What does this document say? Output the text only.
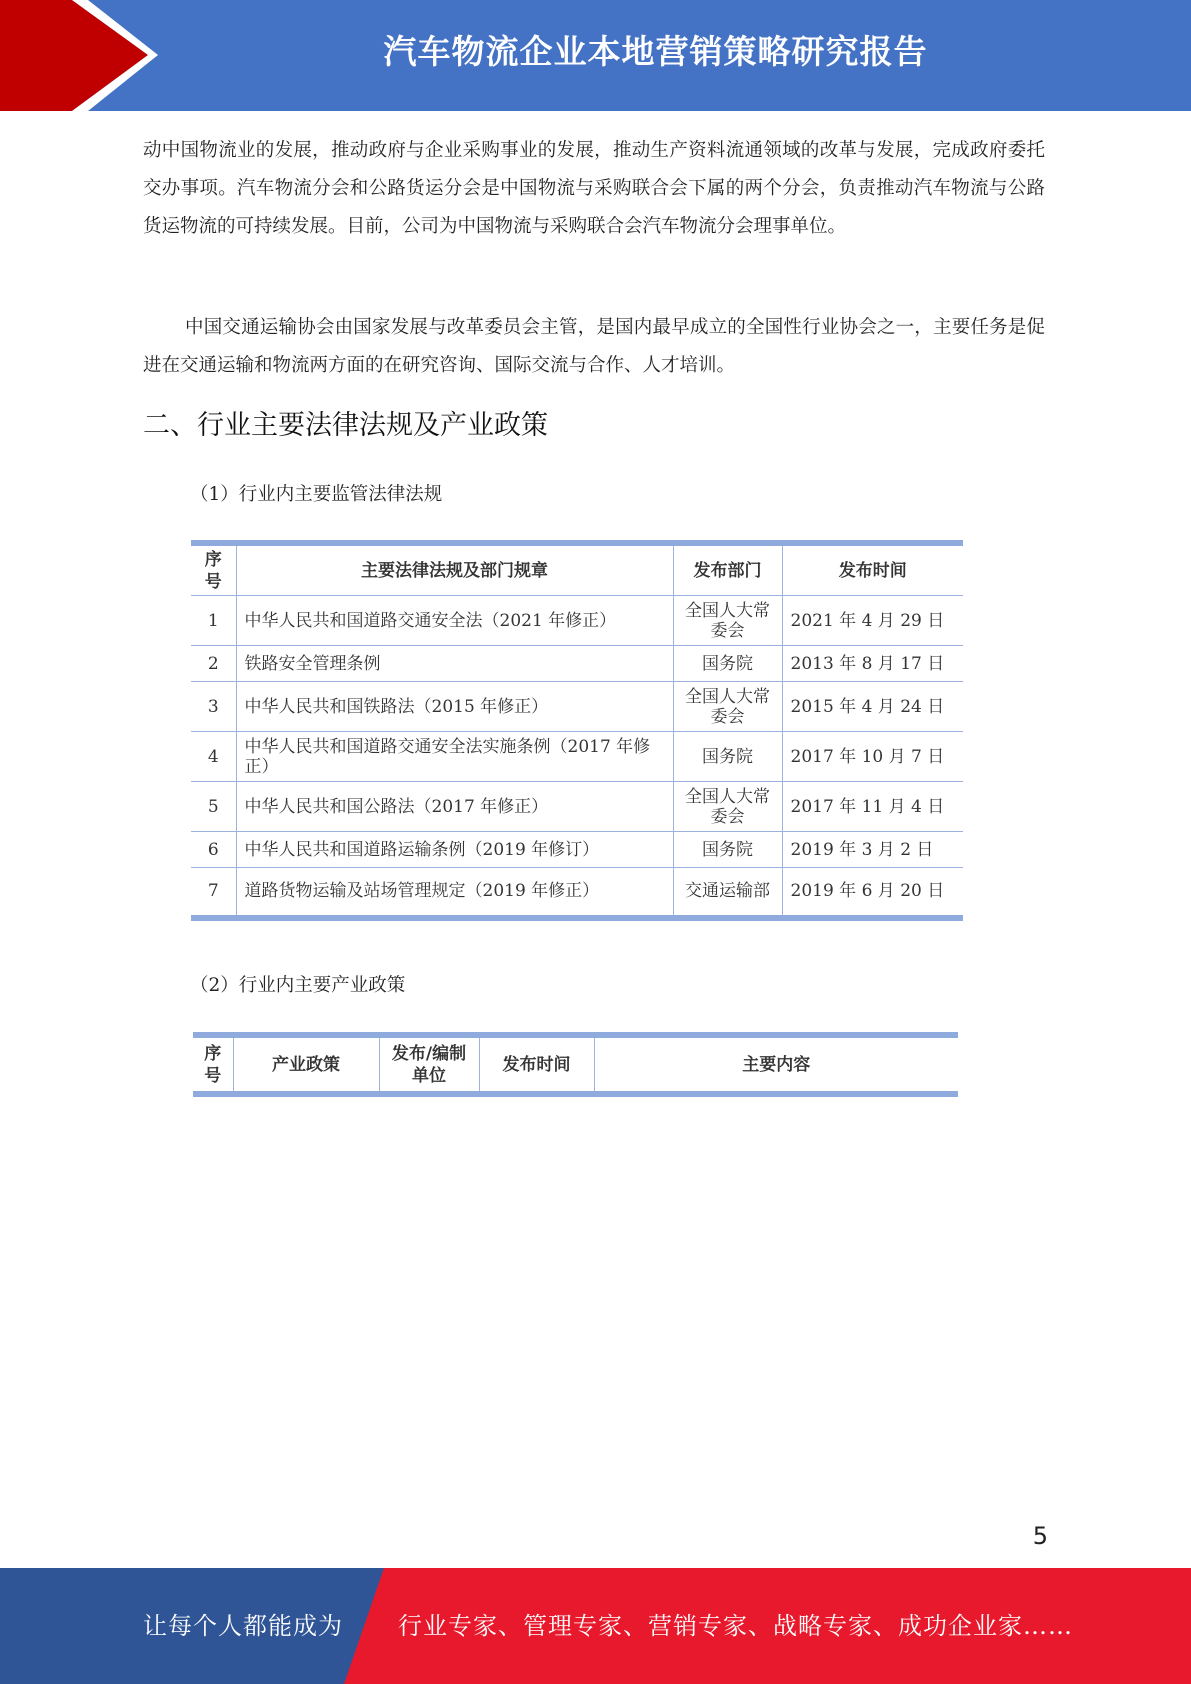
汽车物流企业本地营销策略研究报告

动中国物流业的发展，推动政府与企业采购事业的发展，推动生产资料流通领域的改革与发展，完成政府委托交办事项。汽车物流分会和公路货运分会是中国物流与采购联合会下属的两个分会，负责推动汽车物流与公路货运物流的可持续发展。目前，公司为中国物流与采购联合会汽车物流分会理事单位。

中国交通运输协会由国家发展与改革委员会主管，是国内最早成立的全国性行业协会之一，主要任务是促进在交通运输和物流两方面的在研究咨询、国际交流与合作、人才培训。

二、行业主要法律法规及产业政策

（1）行业内主要监管法律法规

序号	主要法律法规及部门规章	发布部门	发布时间
1	中华人民共和国道路交通安全法（2021 年修正）	全国人大常委会	2021 年 4 月 29 日
2	铁路安全管理条例	国务院	2013 年 8 月 17 日
3	中华人民共和国铁路法（2015 年修正）	全国人大常委会	2015 年 4 月 24 日
4	中华人民共和国道路交通安全法实施条例（2017 年修正）	国务院	2017 年 10 月 7 日
5	中华人民共和国公路法（2017 年修正）	全国人大常委会	2017 年 11 月 4 日
6	中华人民共和国道路运输条例（2019 年修订）	国务院	2019 年 3 月 2 日
7	道路货物运输及站场管理规定（2019 年修正）	交通运输部	2019 年 6 月 20 日

（2）行业内主要产业政策

序号	产业政策	发布/编制单位	发布时间	主要内容
5
让每个人都能成为 行业专家、管理专家、营销专家、战略专家、成功企业家……
